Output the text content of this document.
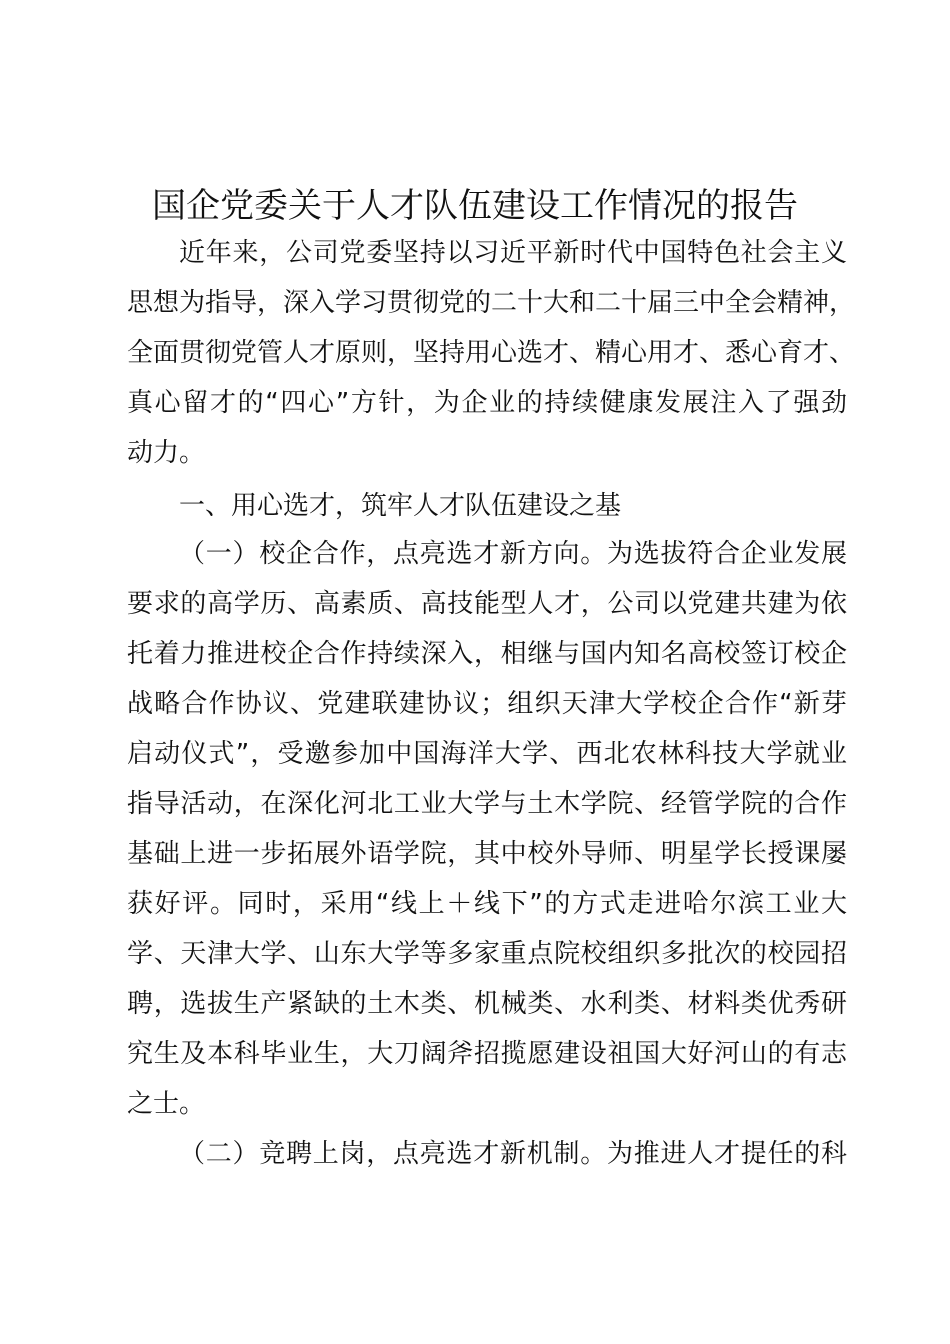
国企党委关于人才队伍建设工作情况的报告

近年来，公司党委坚持以习近平新时代中国特色社会主义

思想为指导，深入学习贯彻党的二十大和二十届三中全会精神，

全面贯彻党管人才原则，坚持用心选才、精心用才、悉心育才、

真心留才的“四心”方针，为企业的持续健康发展注入了强劲

动力。

一、用心选才，筑牢人才队伍建设之基

（一）校企合作，点亮选才新方向。为选拔符合企业发展

要求的高学历、高素质、高技能型人才，公司以党建共建为依

托着力推进校企合作持续深入，相继与国内知名高校签订校企

战略合作协议、党建联建协议；组织天津大学校企合作“新芽

启动仪式”，受邀参加中国海洋大学、西北农林科技大学就业

指导活动，在深化河北工业大学与土木学院、经管学院的合作

基础上进一步拓展外语学院，其中校外导师、明星学长授课屡

获好评。同时，采用“线上＋线下”的方式走进哈尔滨工业大

学、天津大学、山东大学等多家重点院校组织多批次的校园招

聘，选拔生产紧缺的土木类、机械类、水利类、材料类优秀研

究生及本科毕业生，大刀阔斧招揽愿建设祖国大好河山的有志

之士。

（二）竞聘上岗，点亮选才新机制。为推进人才提任的科
